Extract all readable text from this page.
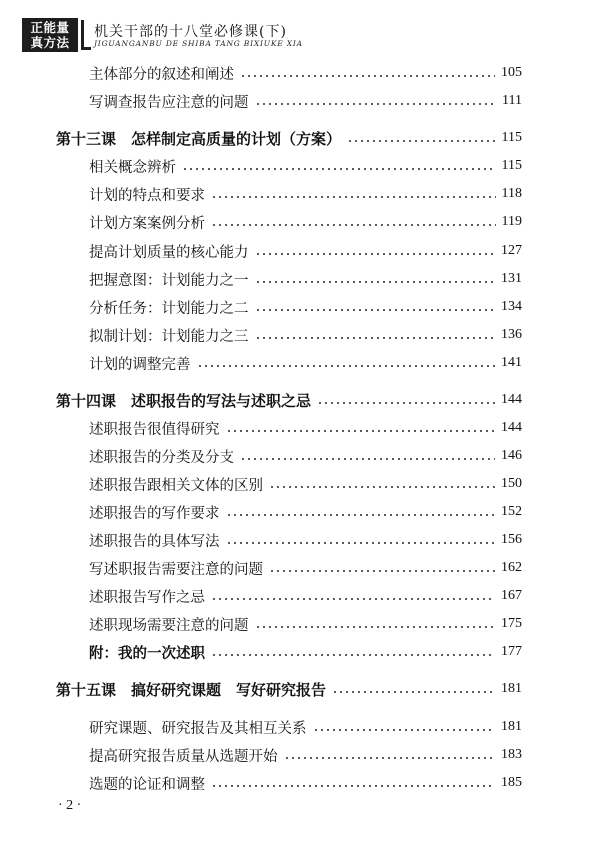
正能量
真方法
机关干部的十八堂必修课(下)
JIGUANGANBU DE SHIBA TANG BIXIUKE XIA
主体部分的叙述和阐述	105
写调查报告应注意的问题	111
第十三课　怎样制定高质量的计划（方案）	115
相关概念辨析	115
计划的特点和要求	118
计划方案案例分析	119
提高计划质量的核心能力	127
把握意图：计划能力之一	131
分析任务：计划能力之二	134
拟制计划：计划能力之三	136
计划的调整完善	141
第十四课　述职报告的写法与述职之忌	144
述职报告很值得研究	144
述职报告的分类及分支	146
述职报告跟相关文体的区别	150
述职报告的写作要求	152
述职报告的具体写法	156
写述职报告需要注意的问题	162
述职报告写作之忌	167
述职现场需要注意的问题	175
附：我的一次述职	177
第十五课　搞好研究课题　写好研究报告	181
研究课题、研究报告及其相互关系	181
提高研究报告质量从选题开始	183
选题的论证和调整	185
· 2 ·
